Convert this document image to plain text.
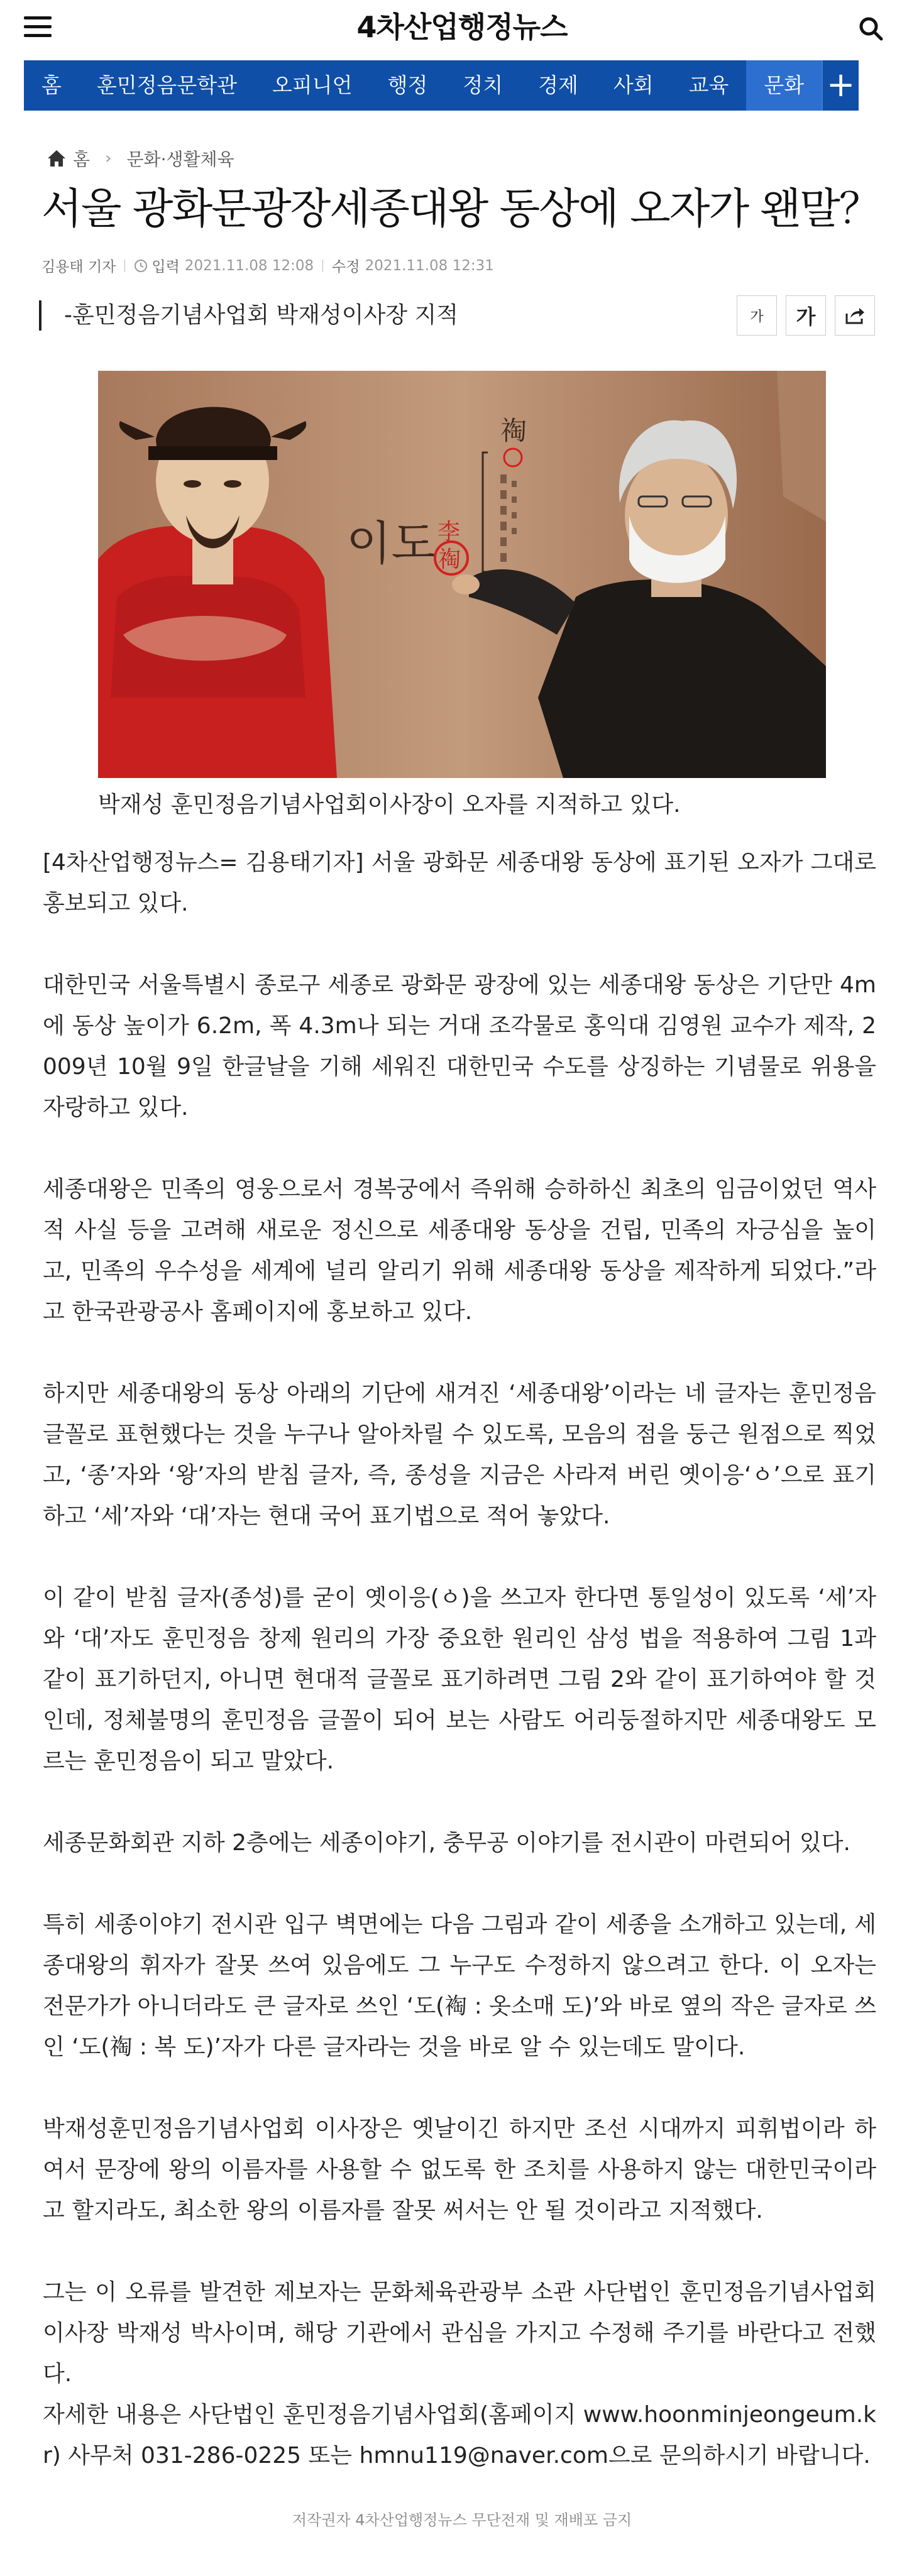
4차산업행정뉴스
홈	훈민정음문학관	오피니언	행정	정치	경제	사회	교육	문화 +
홈 › 문화·생활체육
서울 광화문광장세종대왕 동상에 오자가 왠말？
김용태 기자 입력 2021.11.08 12:08 수정 2021.11.08 12:31
-훈민정음기념사업회 박재성이사장 지적	가	가
이도 李
祹
祹
박재성 훈민정음기념사업회이사장이 오자를 지적하고 있다.

[4차산업행정뉴스= 김용태기자] 서울 광화문 세종대왕 동상에 표기된 오자가 그대로 홍보되고 있다.

대한민국 서울특별시 종로구 세종로 광화문 광장에 있는 세종대왕 동상은 기단만 4m에 동상 높이가 6.2m, 폭 4.3m나 되는 거대 조각물로 홍익대 김영원 교수가 제작, 2009년 10월 9일 한글날을 기해 세워진 대한민국 수도를 상징하는 기념물로 위용을 자랑하고 있다.

세종대왕은 민족의 영웅으로서 경복궁에서 즉위해 승하하신 최초의 임금이었던 역사적 사실 등을 고려해 새로운 정신으로 세종대왕 동상을 건립, 민족의 자긍심을 높이고, 민족의 우수성을 세계에 널리 알리기 위해 세종대왕 동상을 제작하게 되었다.”라고 한국관광공사 홈페이지에 홍보하고 있다.

하지만 세종대왕의 동상 아래의 기단에 새겨진 ‘세종대왕’이라는 네 글자는 훈민정음 글꼴로 표현했다는 것을 누구나 알아차릴 수 있도록, 모음의 점을 둥근 원점으로 찍었고, ‘종’자와 ‘왕’자의 받침 글자, 즉, 종성을 지금은 사라져 버린 옛이응‘ㆁ’으로 표기하고 ‘세’자와 ‘대’자는 현대 국어 표기법으로 적어 놓았다.

이 같이 받침 글자(종성)를 굳이 옛이응(ㆁ)을 쓰고자 한다면 통일성이 있도록 ‘세’자와 ‘대’자도 훈민정음 창제 원리의 가장 중요한 원리인 삼성 법을 적용하여 그림 1과 같이 표기하던지, 아니면 현대적 글꼴로 표기하려면 그림 2와 같이 표기하여야 할 것인데, 정체불명의 훈민정음 글꼴이 되어 보는 사람도 어리둥절하지만 세종대왕도 모르는 훈민정음이 되고 말았다.

세종문화회관 지하 2층에는 세종이야기, 충무공 이야기를 전시관이 마련되어 있다.

특히 세종이야기 전시관 입구 벽면에는 다음 그림과 같이 세종을 소개하고 있는데, 세종대왕의 휘자가 잘못 쓰여 있음에도 그 누구도 수정하지 않으려고 한다. 이 오자는 전문가가 아니더라도 큰 글자로 쓰인 ‘도(裪 : 옷소매 도)’와 바로 옆의 작은 글자로 쓰인 ‘도(祹 : 복 도)’자가 다른 글자라는 것을 바로 알 수 있는데도 말이다.

박재성훈민정음기념사업회 이사장은 옛날이긴 하지만 조선 시대까지 피휘법이라 하여서 문장에 왕의 이름자를 사용할 수 없도록 한 조치를 사용하지 않는 대한민국이라고 할지라도, 최소한 왕의 이름자를 잘못 써서는 안 될 것이라고 지적했다.

그는 이 오류를 발견한 제보자는 문화체육관광부 소관 사단법인 훈민정음기념사업회 이사장 박재성 박사이며, 해당 기관에서 관심을 가지고 수정해 주기를 바란다고 전했다.

자세한 내용은 사단법인 훈민정음기념사업회(홈페이지 www.hoonminjeongeum.kr) 사무처 031-286-0225 또는 hmnu119@naver.com으로 문의하시기 바랍니다.

저작권자 4차산업행정뉴스 무단전재 및 재배포 금지
